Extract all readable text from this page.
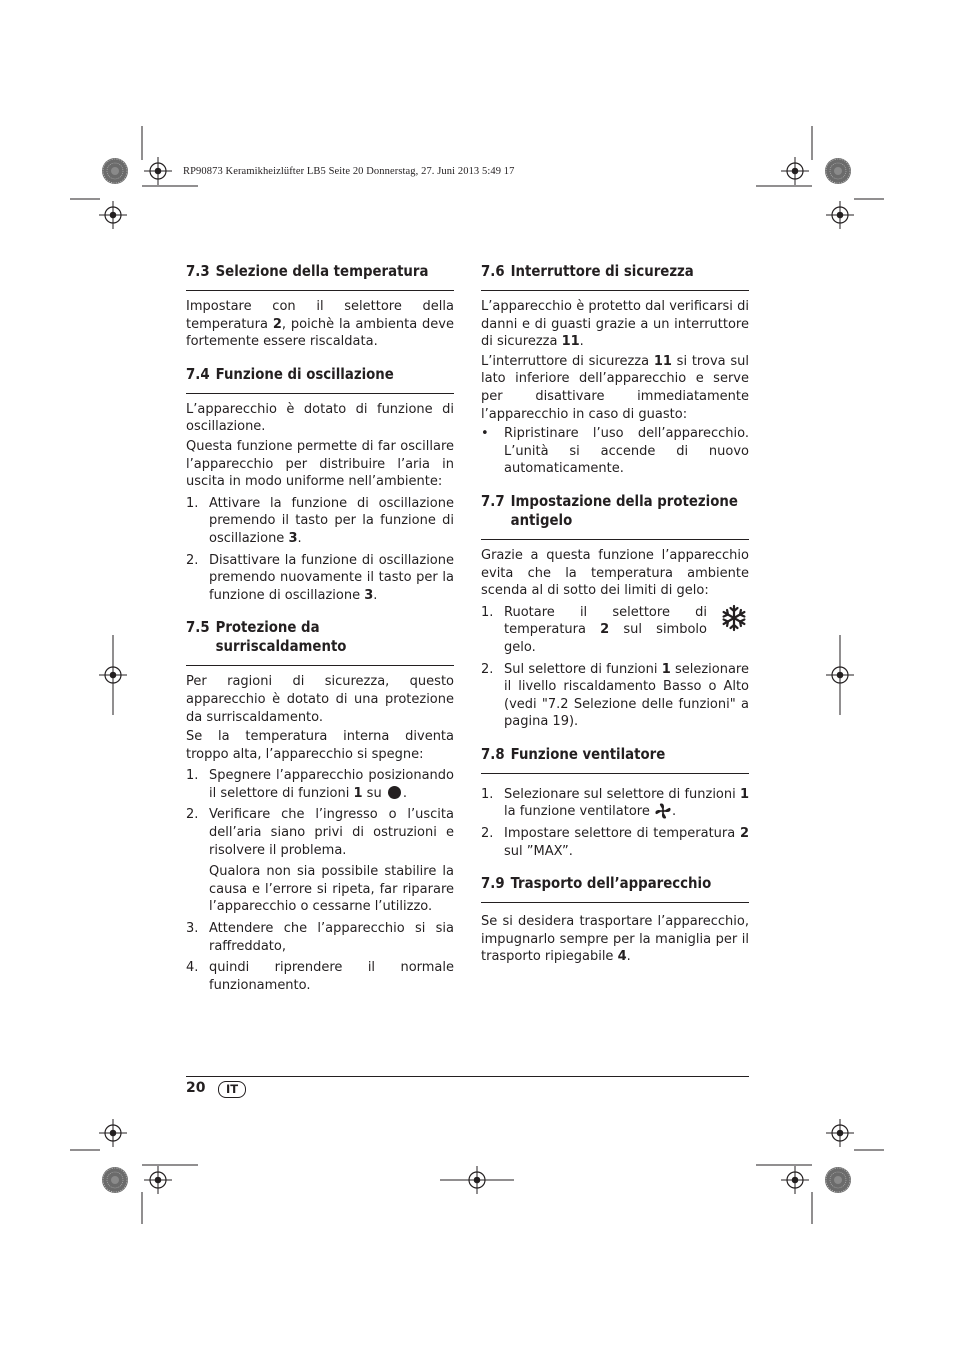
RP90873 Keramikheizlüfter LB5 Seite 20 Donnerstag, 27. Juni 2013 5:49 17
7.3 Selezione della temperatura

Impostare con il selettore della temperatura 2, poichè la ambienta deve fortemente essere riscaldata.

7.4 Funzione di oscillazione

L’apparecchio è dotato di funzione di oscillazione.

Questa funzione permette di far oscillare l’apparecchio per distribuire l’aria in uscita in modo uniforme nell’ambiente:

1. Attivare la funzione di oscillazione premendo il tasto per la funzione di oscillazione 3.
2. Disattivare la funzione di oscillazione premendo nuovamente il tasto per la funzione di oscillazione 3.
7.5 Protezione da surriscaldamento

Per ragioni di sicurezza, questo apparecchio è dotato di una protezione da surriscaldamento.

Se la temperatura interna diventa troppo alta, l’apparecchio si spegne:

1. Spegnere l’apparecchio posizionando il selettore di funzioni 1 su .
2. Verificare che l’ingresso o l’uscita dell’aria siano privi di ostruzioni e risolvere il problema.
Qualora non sia possibile stabilire la causa e l’errore si ripeta, far riparare l’apparecchio o cessarne l’utilizzo.
3. Attendere che l’apparecchio si sia raffreddato,
4. quindi riprendere il normale funzionamento.
7.6 Interruttore di sicurezza

L’apparecchio è protetto dal verificarsi di danni e di guasti grazie a un interruttore di sicurezza 11.

L’interruttore di sicurezza 11 si trova sul lato inferiore dell’apparecchio e serve per disattivare immediatamente l’apparecchio in caso di guasto:

•	Ripristinare l’uso dell’apparecchio. L’unità si accende di nuovo automaticamente.
7.7 Impostazione della protezione antigelo

Grazie a questa funzione l’apparecchio evita che la temperatura ambiente scenda al di sotto dei limiti di gelo:

1. Ruotare il selettore di temperatura 2 sul simbolo gelo.
2. Sul selettore di funzioni 1 selezionare il livello riscaldamento Basso o Alto (vedi "7.2 Selezione delle funzioni" a pagina 19).
7.8 Funzione ventilatore
1. Selezionare sul selettore di funzioni 1 la funzione ventilatore .
2. Impostare selettore di temperatura 2 sul ”MAX”.
7.9 Trasporto dell’apparecchio

Se si desidera trasportare l’apparecchio, impugnarlo sempre per la maniglia per il trasporto ripiegabile 4.

20	IT
